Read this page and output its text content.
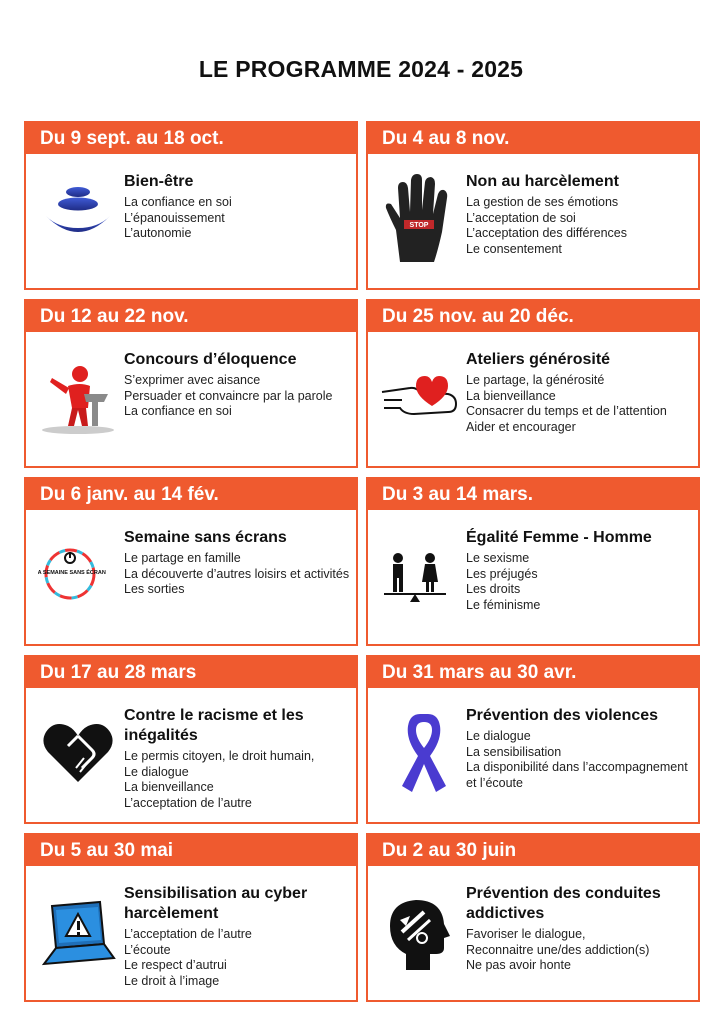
LE PROGRAMME 2024 - 2025
Du 9 sept. au 18 oct.
Bien-être
La confiance en soi
L’épanouissement
L’autonomie
Du 4 au 8 nov.
STOP
Non au harcèlement
La gestion de ses émotions
L’acceptation de soi
L’acceptation des différences
Le consentement
Du 12 au 22 nov.
Concours d’éloquence
S’exprimer avec aisance
Persuader et convaincre par la parole
La confiance en soi
Du 25 nov. au 20 déc.
Ateliers générosité
Le partage, la générosité
La bienveillance
Consacrer du temps et de l’attention
Aider et encourager
Du 6 janv. au 14 fév.
LA SEMAINE SANS ÉCRAN
Semaine sans écrans
Le partage en famille
La découverte d’autres loisirs et activités
Les sorties
Du 3 au 14 mars.
Égalité Femme - Homme
Le sexisme
Les préjugés
Les droits
Le féminisme
Du 17 au 28 mars
Contre le racisme et les inégalités
Le permis citoyen, le droit humain,
Le dialogue
La bienveillance
L’acceptation de l’autre
Du 31 mars au 30 avr.
Prévention des violences
Le dialogue
La sensibilisation
La disponibilité dans l’accompagnement et l’écoute
Du 5 au 30 mai
Sensibilisation au cyber harcèlement
L’acceptation de l’autre
L’écoute
Le respect d’autrui
Le droit à l’image
Du 2 au 30 juin
Prévention des conduites addictives
Favoriser le dialogue,
Reconnaitre une/des addiction(s)
Ne pas avoir honte
